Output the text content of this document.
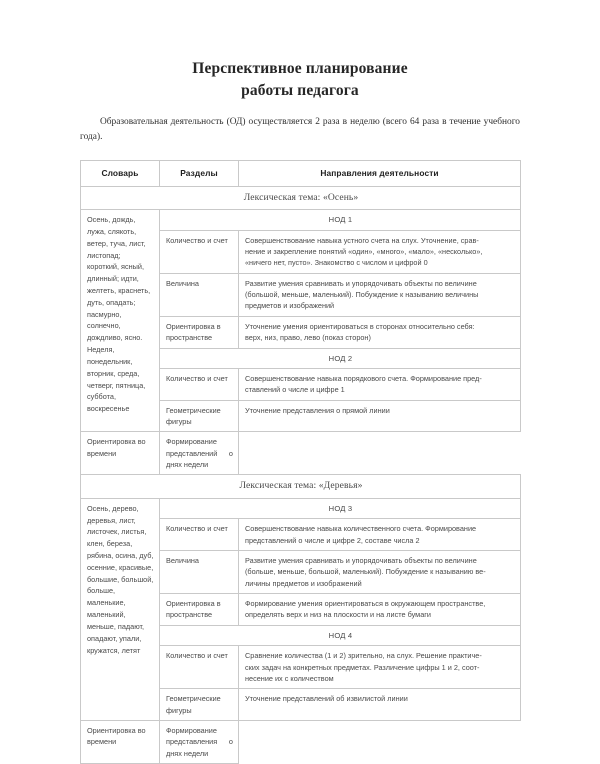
Перспективное планирование
работы педагога

Образовательная деятельность (ОД) осуществляется 2 раза в неделю (всего 64 раза в течение учебного года).

Словарь	Разделы	Направления деятельности
Лексическая тема: «Осень»		
Осень, дождь, лужа, слякоть, ветер, туча, лист, листопад; короткий, ясный, длинный; идти, желтеть, краснеть, дуть, опадать; пасмурно, солнечно, дождливо, ясно. Неделя, понедельник, вторник, среда, четверг, пятница, суббота, воскресенье	НОД 1	
	Количество и счет	Совершенствование навыка устного счета на слух. Уточнение, срав-
нение и закрепление понятий «один», «много», «мало», «несколько»,
«ничего нет, пусто». Знакомство с числом и цифрой 0

	Величина	Развитие умения сравнивать и упорядочивать объекты по величине
(большой, меньше, маленький). Побуждение к называнию величины
предметов и изображений

	Ориентировка в пространстве	Уточнение умения ориентироваться в сторонах относительно себя:
верх, низ, право, лево (показ сторон)

	НОД 2	
	Количество и счет	Совершенствование навыка порядкового счета. Формирование пред-
ставлений о числе и цифре 1

	Геометрические фигуры	Уточнение представления о прямой линии
Ориентировка во времени	Формирование представлений о днях недели	
Лексическая тема: «Деревья»		
Осень, дерево, деревья, лист, листочек, листья, клен, береза, рябина, осина, дуб, осенние, красивые, большие, большой, больше, маленькие, маленький, меньше, падают, опадают, упали, кружатся, летят	НОД 3	
	Количество и счет	Совершенствование навыка количественного счета. Формирование
представлений о числе и цифре 2, составе числа 2

	Величина	Развитие умения сравнивать и упорядочивать объекты по величине
(больше, меньше, большой, маленький). Побуждение к называнию ве-
личины предметов и изображений

	Ориентировка в пространстве	Формирование умения ориентироваться в окружающем пространстве,
определять верх и низ на плоскости и на листе бумаги

	НОД 4	
	Количество и счет	Сравнение количества (1 и 2) зрительно, на слух. Решение практиче-
ских задач на конкретных предметах. Различение цифры 1 и 2, соот-
несение их с количеством

	Геометрические фигуры	Уточнение представлений об извилистой линии
Ориентировка во времени	Формирование представления о днях недели	
